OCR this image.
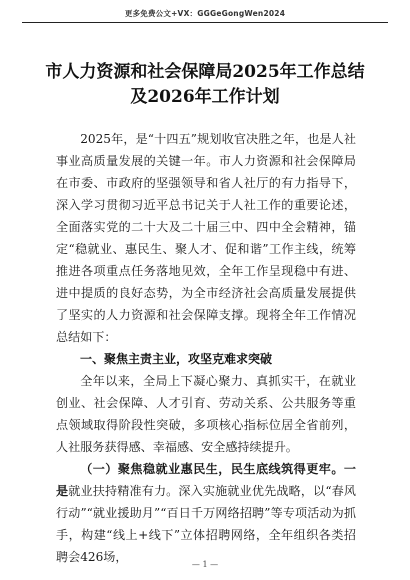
更多免费公文+VX：GGGeGongWen2024
市人力资源和社会保障局2025年工作总结及2026年工作计划

2025年，是“十四五”规划收官决胜之年，也是人社事业高质量发展的关键一年。市人力资源和社会保障局在市委、市政府的坚强领导和省人社厅的有力指导下，深入学习贯彻习近平总书记关于人社工作的重要论述，全面落实党的二十大及二十届三中、四中全会精神，锚定“稳就业、惠民生、聚人才、促和谐”工作主线，统筹推进各项重点任务落地见效，全年工作呈现稳中有进、进中提质的良好态势，为全市经济社会高质量发展提供了坚实的人力资源和社会保障支撑。现将全年工作情况总结如下：

一、聚焦主责主业，攻坚克难求突破

全年以来，全局上下凝心聚力、真抓实干，在就业创业、社会保障、人才引育、劳动关系、公共服务等重点领域取得阶段性突破，多项核心指标位居全省前列，人社服务获得感、幸福感、安全感持续提升。

（一）聚焦稳就业惠民生，民生底线筑得更牢。一是就业扶持精准有力。深入实施就业优先战略，以“春风行动”“就业援助月”“百日千万网络招聘”等专项活动为抓手，构建“线上+线下”立体招聘网络，全年组织各类招聘会426场，

— 1 —
